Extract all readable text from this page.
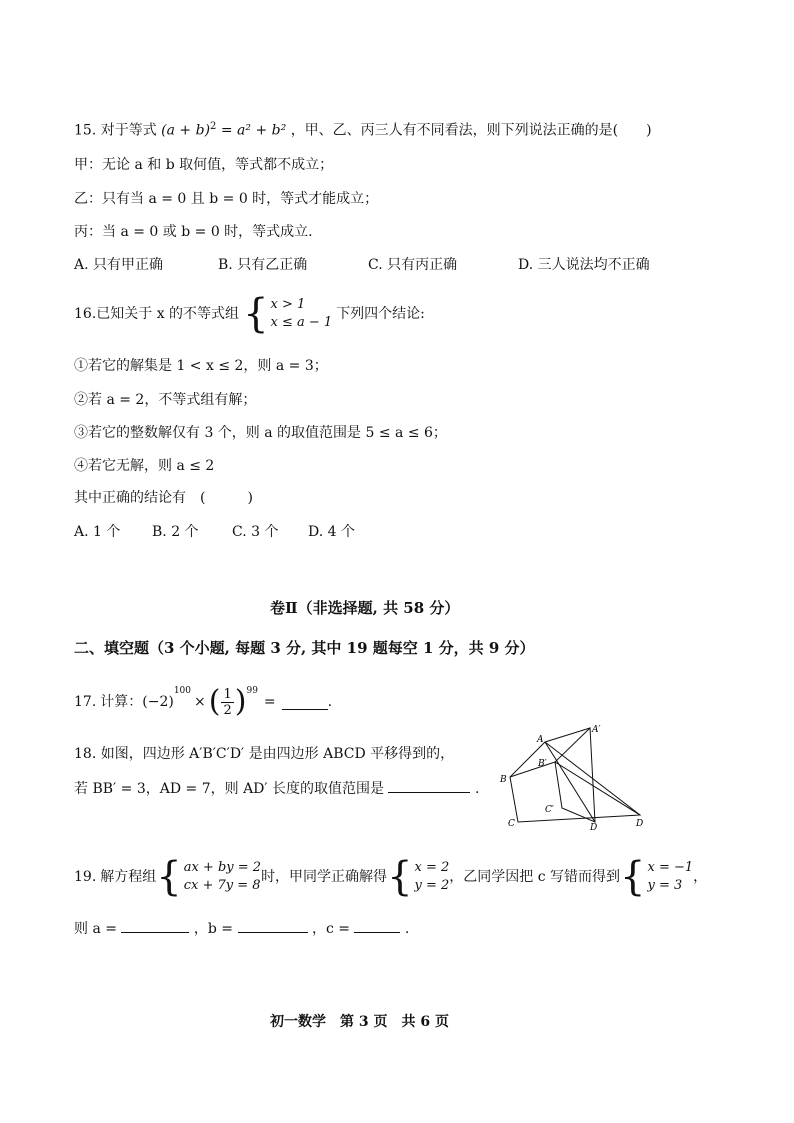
15. 对于等式 $(a + b)^2 = a^2 + b^2$ ，甲、乙、丙三人有不同看法，则下列说法正确的是(　　)
甲：无论 a 和 b 取何值，等式都不成立；
乙：只有当 a = 0 且 b = 0 时，等式才能成立；
丙：当 a = 0 或 b = 0 时，等式成立.
A. 只有甲正确	B. 只有乙正确	C. 只有丙正确	D. 三人说法均不正确
16. 已知关于 x 的不等式组 { x > 1
x ≤ a − 1
下列四个结论:
①若它的解集是 1 < x ≤ 2，则 a = 3；
②若 a = 2，不等式组有解；
③若它的整数解仅有 3 个，则 a 的取值范围是 5 ≤ a ≤ 6；
④若它无解，则 a ≤ 2
其中正确的结论有　(　　　)
A. 1 个 B. 2 个 C. 3 个 D. 4 个
卷Ⅱ（非选择题, 共 58 分）
二、填空题（3 个小题, 每题 3 分, 其中 19 题每空 1 分，共 9 分）
17. 计算： (−2)
$^{100}$
× ( $\frac{1}{2} )^{99}$
=	.
18. 如图，四边形 A′B′C′D′ 是由四边形 ABCD 平移得到的，
若 BB′ = 3，AD = 7，则 AD′ 长度的取值范围是	.
A
A′
B′
B
C′
C	D
D
19. 解方程组 { ax + by = 2
cx + 7y = 8
时，甲同学正确解得 { x = 2
y = 2
，乙同学因把 c 写错而得到 { x = −1
y = 3
，
则 a =	，b =	，c =	.
初一数学　第 3 页　共 6 页
